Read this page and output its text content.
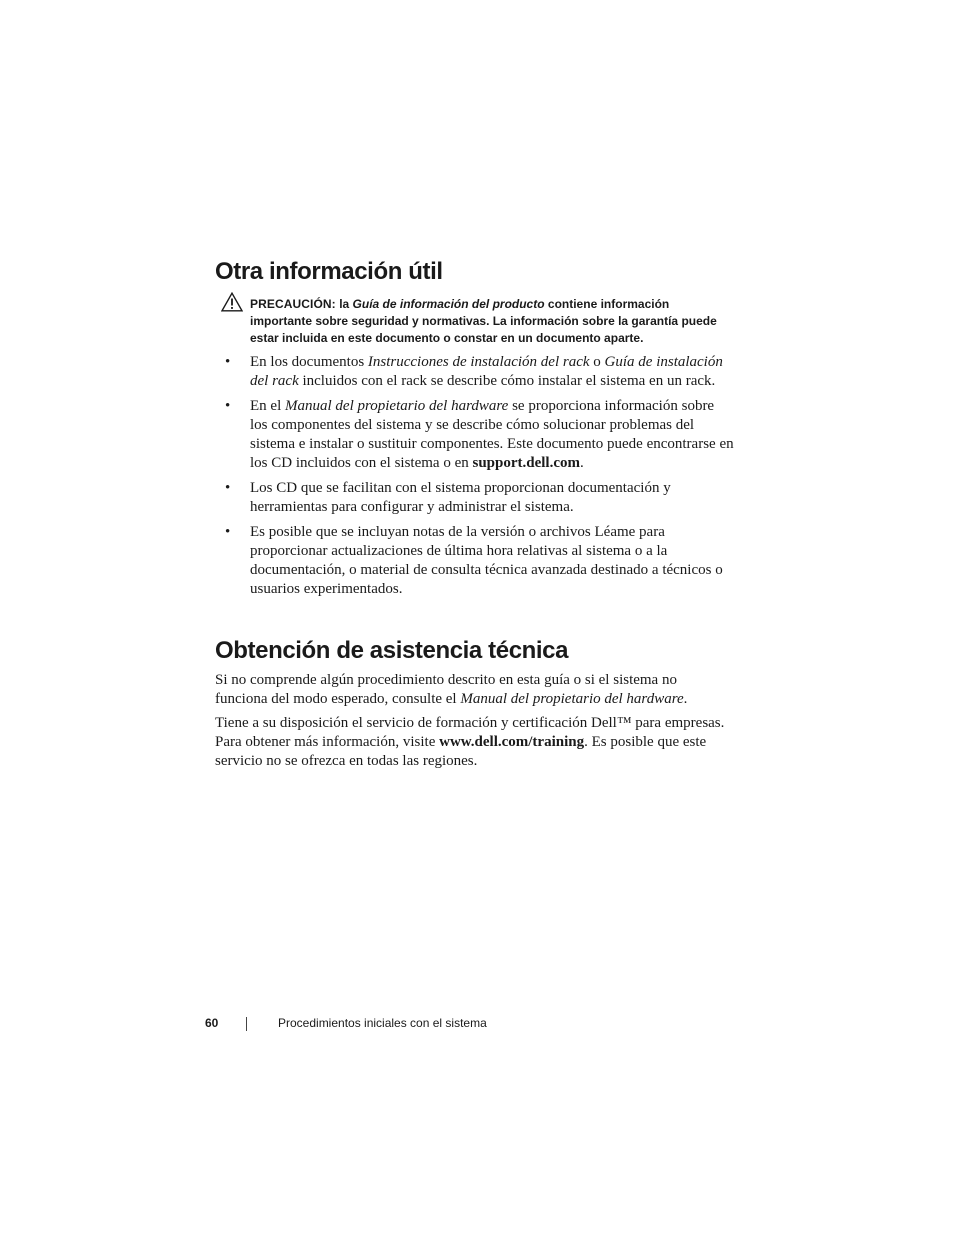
Otra información útil

PRECAUCIÓN: la Guía de información del producto contiene información importante sobre seguridad y normativas. La información sobre la garantía puede estar incluida en este documento o constar en un documento aparte.

• En los documentos Instrucciones de instalación del rack o Guía de instalación del rack incluidos con el rack se describe cómo instalar el sistema en un rack.

• En el Manual del propietario del hardware se proporciona información sobre los componentes del sistema y se describe cómo solucionar problemas del sistema e instalar o sustituir componentes. Este documento puede encontrarse en los CD incluidos con el sistema o en support.dell.com.

• Los CD que se facilitan con el sistema proporcionan documentación y herramientas para configurar y administrar el sistema.

• Es posible que se incluyan notas de la versión o archivos Léame para proporcionar actualizaciones de última hora relativas al sistema o a la documentación, o material de consulta técnica avanzada destinado a técnicos o usuarios experimentados.

Obtención de asistencia técnica

Si no comprende algún procedimiento descrito en esta guía o si el sistema no funciona del modo esperado, consulte el Manual del propietario del hardware.

Tiene a su disposición el servicio de formación y certificación Dell™ para empresas. Para obtener más información, visite www.dell.com/training. Es posible que este servicio no se ofrezca en todas las regiones.

60	Procedimientos iniciales con el sistema
